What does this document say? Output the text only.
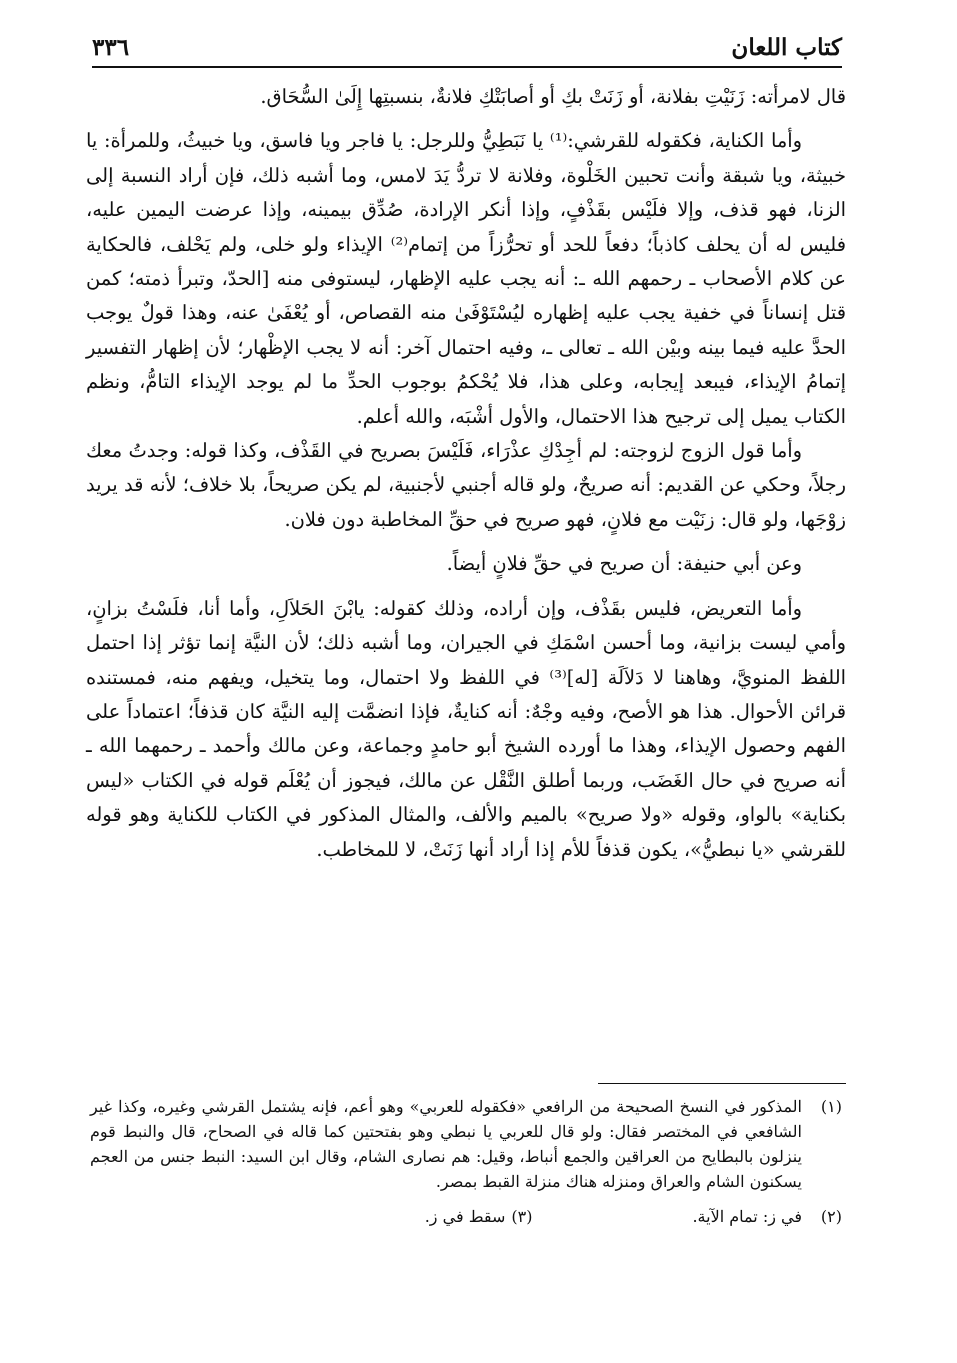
٣٣٦	كتاب اللعان

قال لامرأته: زَنَيْتِ بفلانة، أو زَنَتْ بكِ أو أصابَتْكِ فلانةٌ، بنسبتِها إِلَىٰ السُّحَاق.

وأما الكناية، فكقوله للقرشي:⁽¹⁾ يا نَبَطِيُّ وللرجل: يا فاجر ويا فاسق، ويا خبيثُ، وللمرأة: يا خبيثة، ويا شبقة وأنت تحبين الخَلْوة، وفلانة لا تردُّ يَدَ لامس، وما أشبه ذلك، فإن أراد النسبة إلى الزنا، فهو قذف، وإلا فلَيْس بقَذْفٍ، وإذا أنكر الإرادة، صُدِّق بيمينه، وإذا عرضت اليمين عليه، فليس له أن يحلف كاذباً؛ دفعاً للحد أو تحرُّزاً من إتمام⁽²⁾ الإيذاء ولو خلى، ولم يَحْلف، فالحكاية عن كلام الأصحاب ـ رحمهم الله ـ: أنه يجب عليه الإظهار، ليستوفى منه [الحدّ، وتبرأ ذمته؛ كمن قتل إنساناً في خفية يجب عليه إظهاره ليُسْتَوْفَىٰ منه القصاص، أو يُعْفَىٰ عنه، وهذا قولٌ يوجب الحدَّ عليه فيما بينه وبيْن الله ـ تعالى ـ، وفيه احتمال آخر: أنه لا يجب الإظْهار؛ لأن إظهار التفسير إتمامُ الإيذاء، فيبعد إيجابه، وعلى هذا، فلا يُحْكمُ بوجوب الحدِّ ما لم يوجد الإيذاء التامُّ، ونظم الكتاب يميل إلى ترجيح هذا الاحتمال، والأول أشْبَه، والله أعلم.

وأما قول الزوج لزوجته: لم أجِدْكِ عذْرَاء، فَلَيْسَ بصريح في القَذْف، وكذا قوله: وجدتُ معك رجلاً، وحكي عن القديم: أنه صريحٌ، ولو قاله أجنبي لأجنبية، لم يكن صريحاً، بلا خلاف؛ لأنه قد يريد زوْجَها، ولو قال: زنَيْت مع فلانٍ، فهو صريح في حقِّ المخاطبة دون فلان.

وعن أبي حنيفة: أن صريح في حقِّ فلانٍ أيضاً.

وأما التعريض، فليس بقَذْف، وإن أراده، وذلك كقوله: يابْنَ الحَلاَلِ، وأما أنا، فلَسْتُ بزانٍ، وأمي ليست بزانية، وما أحسن اسْمَكِ في الجيران، وما أشبه ذلك؛ لأن النيَّة إنما تؤثر إذا احتمل اللفظ المنويَّ، وهاهنا لا دَلاَلَة [له]⁽³⁾ في اللفظ ولا احتمال، وما يتخيل، ويفهم منه، فمستنده قرائن الأحوال. هذا هو الأصح، وفيه وجْهٌ: أنه كنايةٌ، فإذا انضمَّت إليه النيَّة كان قذفاً؛ اعتماداً على الفهم وحصول الإيذاء، وهذا ما أورده الشيخ أبو حامدٍ وجماعة، وعن مالك وأحمد ـ رحمهما الله ـ أنه صريح في حال الغَضَب، وربما أطلق النَّقْل عن مالك، فيجوز أن يُعْلَم قوله في الكتاب «ليس بكناية» بالواو، وقوله «ولا صريح» بالميم والألف، والمثال المذكور في الكتاب للكناية وهو قوله للقرشي «يا نبطيُّ»، يكون قذفاً للأم إذا أراد أنها زَنَتْ، لا للمخاطب.

(١)
المذكور في النسخ الصحيحة من الرافعي «فكقوله للعربي» وهو أعم، فإنه يشتمل القرشي وغيره، وكذا غير الشافعي في المختصر فقال: ولو قال للعربي يا نبطي وهو بفتحتين كما قاله في الصحاح، قال والنبط قوم ينزلون بالبطايح من العراقين والجمع أنباط، وقيل: هم نصارى الشام، وقال ابن السيد: النبط جنس من العجم يسكنون الشام والعراق ومنزله هناك منزلة القبط بمصر.
(٢)
في ز: تمام الآية.
(٣)
سقط في ز.
